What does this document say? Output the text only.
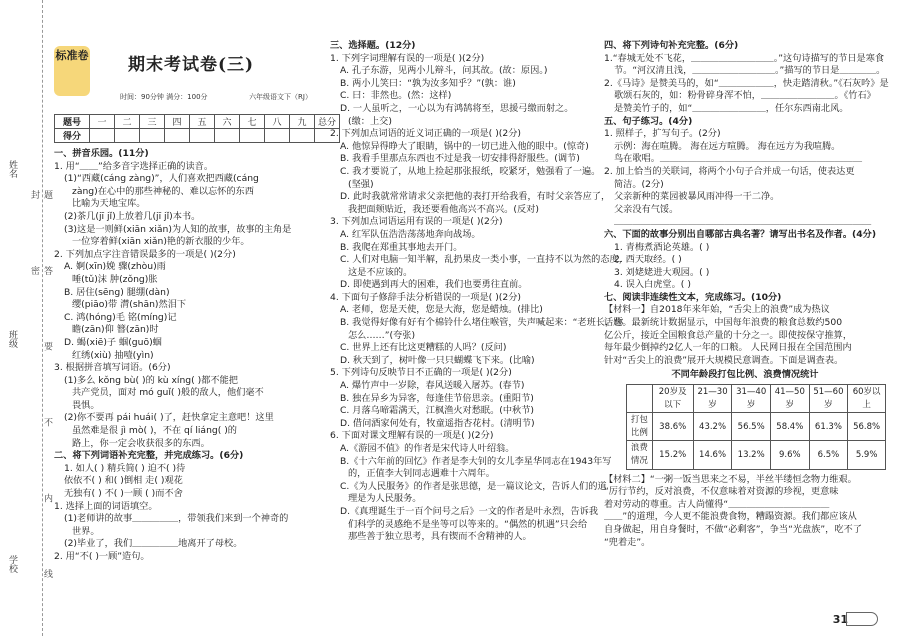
姓名
班级
学校	题 答 要 不 内 线 封 密
标准卷 期末考试卷(三)
时间：90分钟 满分：100分	六年级语文下（RJ）
题号	一	二	三	四	五	六	七	八	九	总分
得分										

一、拼音乐园。(11分)

1. 用“＿＿”给多音字选择正确的读音。

(1)“西藏(cáng zàng)”，人们喜欢把西藏(cáng

zàng)在心中的那些神秘的、难以忘怀的东西

比喻为天地宝库。

(2)茶几(jī jǐ)上放着几(jī jǐ)本书。

(3)这是一则鲜(xiān xiǎn)为人知的故事，故事的主角是

一位穿着鲜(xiān xiǎn)艳的新衣服的少年。

2. 下列加点字注音错误最多的一项是( )(2分)

A. 婀(xīn)娩 骤(zhòu)雨

唾(tǔ)沫 肿(zǒng)胀

B. 居住(sēng) 腿绷(dàn)

缨(piāo)带 潸(shān)然泪下

C. 鸿(hóng)毛 铭(míng)记

瞻(zān)仰 簪(zān)时

D. 蝎(xiē)子 蝈(guō)蝈

红绣(xiù) 抽噎(yìn)

3. 根据拼音填写词语。(6分)

(1)多么 kǒng bù( )的 kù xíng( )都不能把

共产党员，面对 mó guǐ( )般的敌人，他们毫不

畏惧。

(2)你不要再 pái huái( )了，赶快拿定主意吧！这里

虽然难是很 jì mò( )，不在 qí liáng( )的

路上，你一定会收获很多的东西。

二、将下列词语补充完整，并完成练习。(6分)

1. 如人( ) 精兵简( ) 迫不( )待

依依不( ) 和( )倒相 走( )观花

无独有( ) 不( )一顾 ( )而不舍

1. 选择上面的词语填空。

(1)老师讲的故事＿＿＿＿＿，带领我们来到一个神奇的

世界。

(2)毕业了，我们＿＿＿＿＿地离开了母校。

2. 用“不( )一顾”造句。

三、选择题。(12分)

1. 下列字词理解有误的一项是( )(2分)

A. 孔子东游，见两小儿辩斗，问其故。(故：原因。)

B. 两小儿笑曰：“孰为汝多知乎？”(孰：谁)

C. 曰：非然也。(然：这样)

D. 一人虽听之，一心以为有鸿鹄将至，思援弓缴而射之。

(缴：上交)

2. 下列加点词语的近义词正确的一项是( )(2分)

A. 他惊异得睁大了眼睛，锅中的一切已进入他的眼中。(惊奇)

B. 我看手里那点东西也不过是我一切安排得舒服些。(调节)

C. 我才要说了，从地上捡起那张报纸，咬紧牙，勉强看了一遍。

(坚强)

D. 此时我就常常请求父亲把他的表打开给我看，有时父亲答应了，

我把面颊贴近，我还要看他高兴不高兴。(反对)

3. 下列加点词语运用有误的一项是( )(2分)

A. 红军队伍浩浩荡荡地奔向战场。

B. 我爬在郑重其事地去开门。

C. 人们对电脑一知半解，乱扔果皮一类小事，一直持不以为然的态度，

这是不应该的。

D. 即使遇到再大的困难，我们也要勇往直前。

4. 下面句子修辞手法分析错误的一项是( )(2分)

A. 老师，您是天使，您是大海，您是蜡烛。(排比)

B. 我觉得好像有好有个棉铃什么堵住喉管，失声喊起来：“老班长，你

怎么……”(夸张)

C. 世界上还有比这更糟糕的人吗？(反问)

D. 秋天到了，树叶像一只只蝴蝶飞下来。(比喻)

5. 下列诗句反映节日不正确的一项是( )(2分)

A. 爆竹声中一岁除，春风送暖入屠苏。(春节)

B. 独在异乡为异客，每逢佳节倍思亲。(重阳节)

C. 月落乌啼霜满天，江枫渔火对愁眠。(中秋节)

D. 借问酒家何处有，牧童遥指杏花村。(清明节)

6. 下面对课文理解有误的一项是( )(2分)

A.《游园不值》的作者是宋代诗人叶绍翁。

B.《十六年前的回忆》作者是李大钊的女儿李星华同志在1943年写

的，正值李大钊同志遇难十六周年。

C.《为人民服务》的作者是张思德，是一篇议论文，告诉人们的道

理是为人民服务。

D.《真理诞生于一百个问号之后》一文的作者是叶永烈，告诉我

们科学的灵感绝不是坐等可以等来的。“偶然的机遇”只会给

那些善于独立思考，具有锲而不舍精神的人。

四、将下列诗句补充完整。(6分)

1.“春城无处不飞花，＿＿＿＿＿＿＿＿＿。”这句诗描写的节日是寒食

节。“河汉清且浅，＿＿＿＿＿＿＿＿＿。”描写的节日是＿＿＿＿。

2.《马诗》是赞美马的，如“＿＿＿＿＿＿，快走踏清秋。”《石灰吟》是

歌颂石灰的，如：粉骨碎身浑不怕，＿＿＿＿＿＿＿＿。《竹石》

是赞美竹子的，如“＿＿＿＿＿＿＿＿，任尔东西南北风。

五、句子练习。(4分)

1. 照样子，扩写句子。(2分)

示例：海在喧腾。 海在远方喧腾。 海在远方为我喧腾。

鸟在歌唱。＿＿＿＿＿＿＿＿＿＿＿＿＿＿＿＿＿＿＿＿＿＿

2. 加上恰当的关联词，将两个小句子合并成一句话，使表达更

简洁。(2分)

父亲新种的菜园被暴风雨冲得一干二净。

父亲没有气馁。

＿＿＿＿＿＿＿＿＿＿＿＿＿＿＿＿＿＿＿＿＿＿＿＿＿＿＿＿

六、下面的故事分别出自哪部古典名著？请写出书名及作者。(4分)

1. 青梅煮酒论英雄。( )

2. 西天取经。( )

3. 刘姥姥进大观园。( )

4. 误入白虎堂。( )

七、阅读非连续性文本，完成练习。(10分)

【材料一】自2018年来年始，“舌尖上的浪费”成为热议

话题。最新统计数据显示，中国每年浪费的粮食总数约500

亿公斤，接近全国粮食总产量的十分之一。即使按保守推算，

每年最少倒掉约2亿人一年的口粮。 人民网日报在全国范围内

针对“舌尖上的浪费”展开大规模民意调查。下面是调查表。

不同年龄段打包比例、浪费情况统计

	20岁及以下	21—30岁	31—40岁	41—50岁	51—60岁	60岁以上
打包比例	38.6%	43.2%	56.5%	58.4%	61.3%	56.8%
浪费情况	15.2%	14.6%	13.2%	9.6%	6.5%	5.9%

【材料二】“一粥一饭当思来之不易，半丝半缕恒念物力维艰。

“厉行节约，反对浪费，不仅意味着对资源的珍视，更意味

着对劳动的尊重。古人尚懂得“＿＿＿＿＿＿＿＿＿＿＿

＿＿”的道理，今人更不能浪费食物，糟蹋资源。我们都应该从

自身做起，用自身餐时，不做“必剩客”，争当“光盘族”，吃不了

“兜着走”。

31
